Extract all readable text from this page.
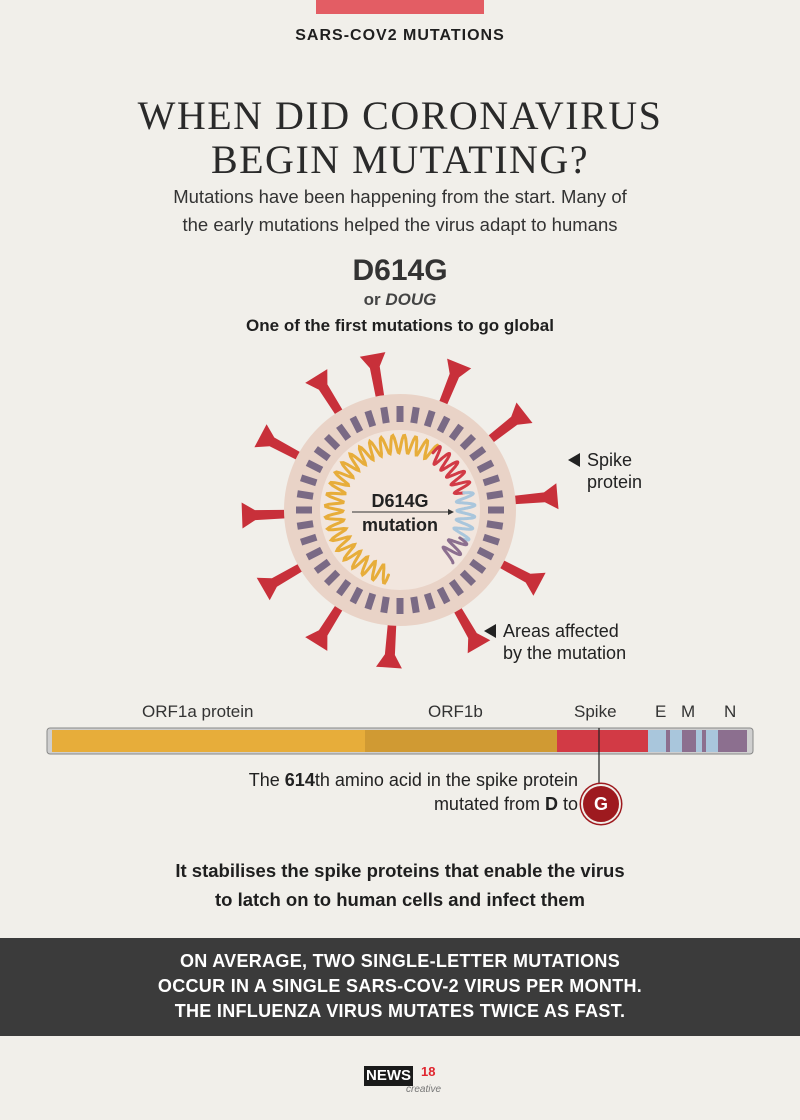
SARS-COV2 MUTATIONS
WHEN DID CORONAVIRUS
BEGIN MUTATING?
Mutations have been happening from the start. Many of
the early mutations helped the virus adapt to humans
D614G
or DOUG
One of the first mutations to go global
D614G
mutation
Spike
protein
Areas affected
by the mutation
ORF1a protein	ORF1b	Spike E M N
The 614th amino acid in the spike protein
mutated from D to G
It stabilises the spike proteins that enable the virus
to latch on to human cells and infect them
ON AVERAGE, TWO SINGLE-LETTER MUTATIONS
OCCUR IN A SINGLE SARS-COV-2 VIRUS PER MONTH.
THE INFLUENZA VIRUS MUTATES TWICE AS FAST.
NEWS 18
creative
